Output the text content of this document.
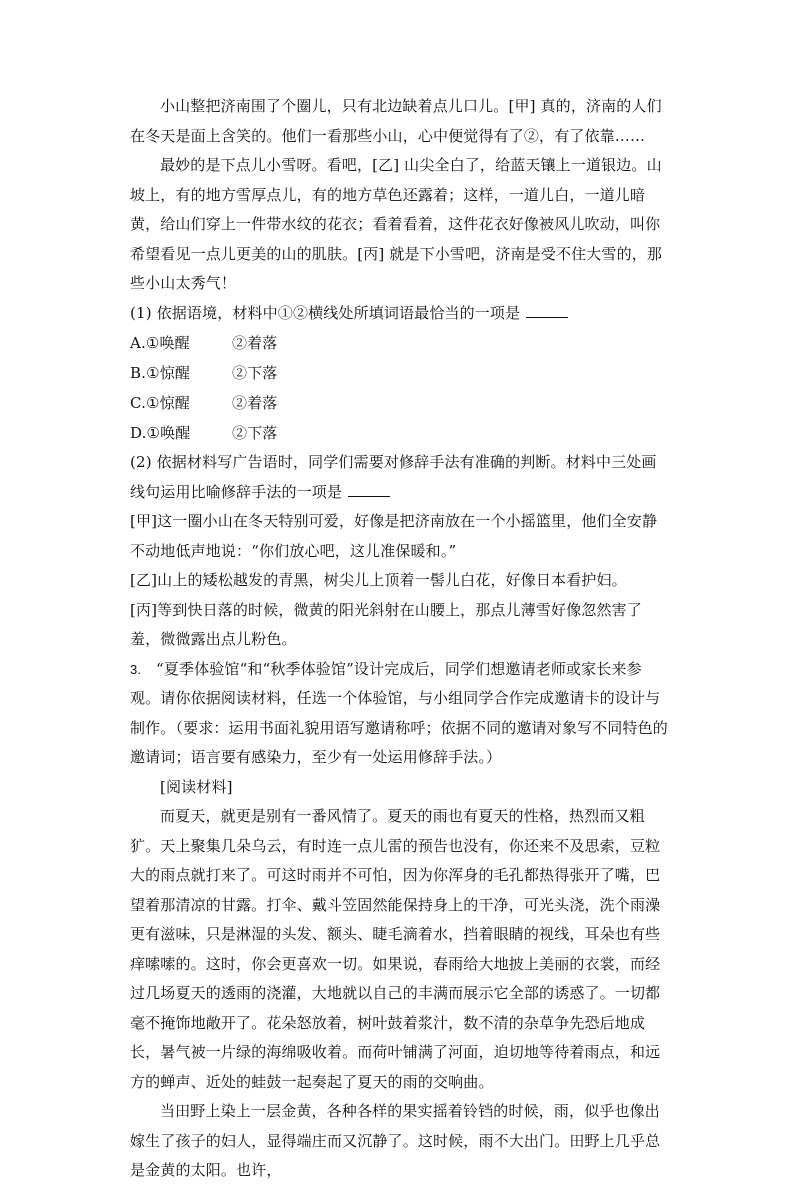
小山整把济南围了个圈儿，只有北边缺着点儿口儿。[甲] 真的，济南的人们在冬天是面上含笑的。他们一看那些小山，心中便觉得有了②，有了依靠……

最妙的是下点儿小雪呀。看吧，[乙] 山尖全白了，给蓝天镶上一道银边。山坡上，有的地方雪厚点儿，有的地方草色还露着；这样，一道儿白，一道儿暗黄，给山们穿上一件带水纹的花衣；看着看着，这件花衣好像被风儿吹动，叫你希望看见一点儿更美的山的肌肤。[丙] 就是下小雪吧，济南是受不住大雪的，那些小山太秀气！

(1) 依据语境，材料中①②横线处所填词语最恰当的一项是

A.①唤醒	②着落
B.①惊醒	②下落
C.①惊醒	②着落
D.①唤醒	②下落

(2) 依据材料写广告语时，同学们需要对修辞手法有准确的判断。材料中三处画线句运用比喻修辞手法的一项是

[甲]这一圈小山在冬天特别可爱，好像是把济南放在一个小摇篮里，他们全安静不动地低声地说：“你们放心吧，这儿准保暖和。”

[乙]山上的矮松越发的青黑，树尖儿上顶着一髻儿白花，好像日本看护妇。

[丙]等到快日落的时候，微黄的阳光斜射在山腰上，那点儿薄雪好像忽然害了羞，微微露出点儿粉色。

3. “夏季体验馆“和“秋季体验馆”设计完成后，同学们想邀请老师或家长来参观。请你依据阅读材料，任选一个体验馆，与小组同学合作完成邀请卡的设计与制作。（要求：运用书面礼貌用语写邀请称呼；依据不同的邀请对象写不同特色的邀请词；语言要有感染力，至少有一处运用修辞手法。）

[阅读材料]

而夏天，就更是别有一番风情了。夏天的雨也有夏天的性格，热烈而又粗犷。天上聚集几朵乌云，有时连一点儿雷的预告也没有，你还来不及思索，豆粒大的雨点就打来了。可这时雨并不可怕，因为你浑身的毛孔都热得张开了嘴，巴望着那清凉的甘露。打伞、戴斗笠固然能保持身上的干净，可光头浇，洗个雨澡更有滋味，只是淋湿的头发、额头、睫毛滴着水，挡着眼睛的视线，耳朵也有些痒嗦嗦的。这时，你会更喜欢一切。如果说，春雨给大地披上美丽的衣裳，而经过几场夏天的透雨的浇灌，大地就以自己的丰满而展示它全部的诱惑了。一切都毫不掩饰地敞开了。花朵怒放着，树叶鼓着浆汁，数不清的杂草争先恐后地成长，暑气被一片绿的海绵吸收着。而荷叶铺满了河面，迫切地等待着雨点，和远方的蝉声、近处的蛙鼓一起奏起了夏天的雨的交响曲。

当田野上染上一层金黄，各种各样的果实摇着铃铛的时候，雨，似乎也像出嫁生了孩子的妇人，显得端庄而又沉静了。这时候，雨不大出门。田野上几乎总是金黄的太阳。也许，
